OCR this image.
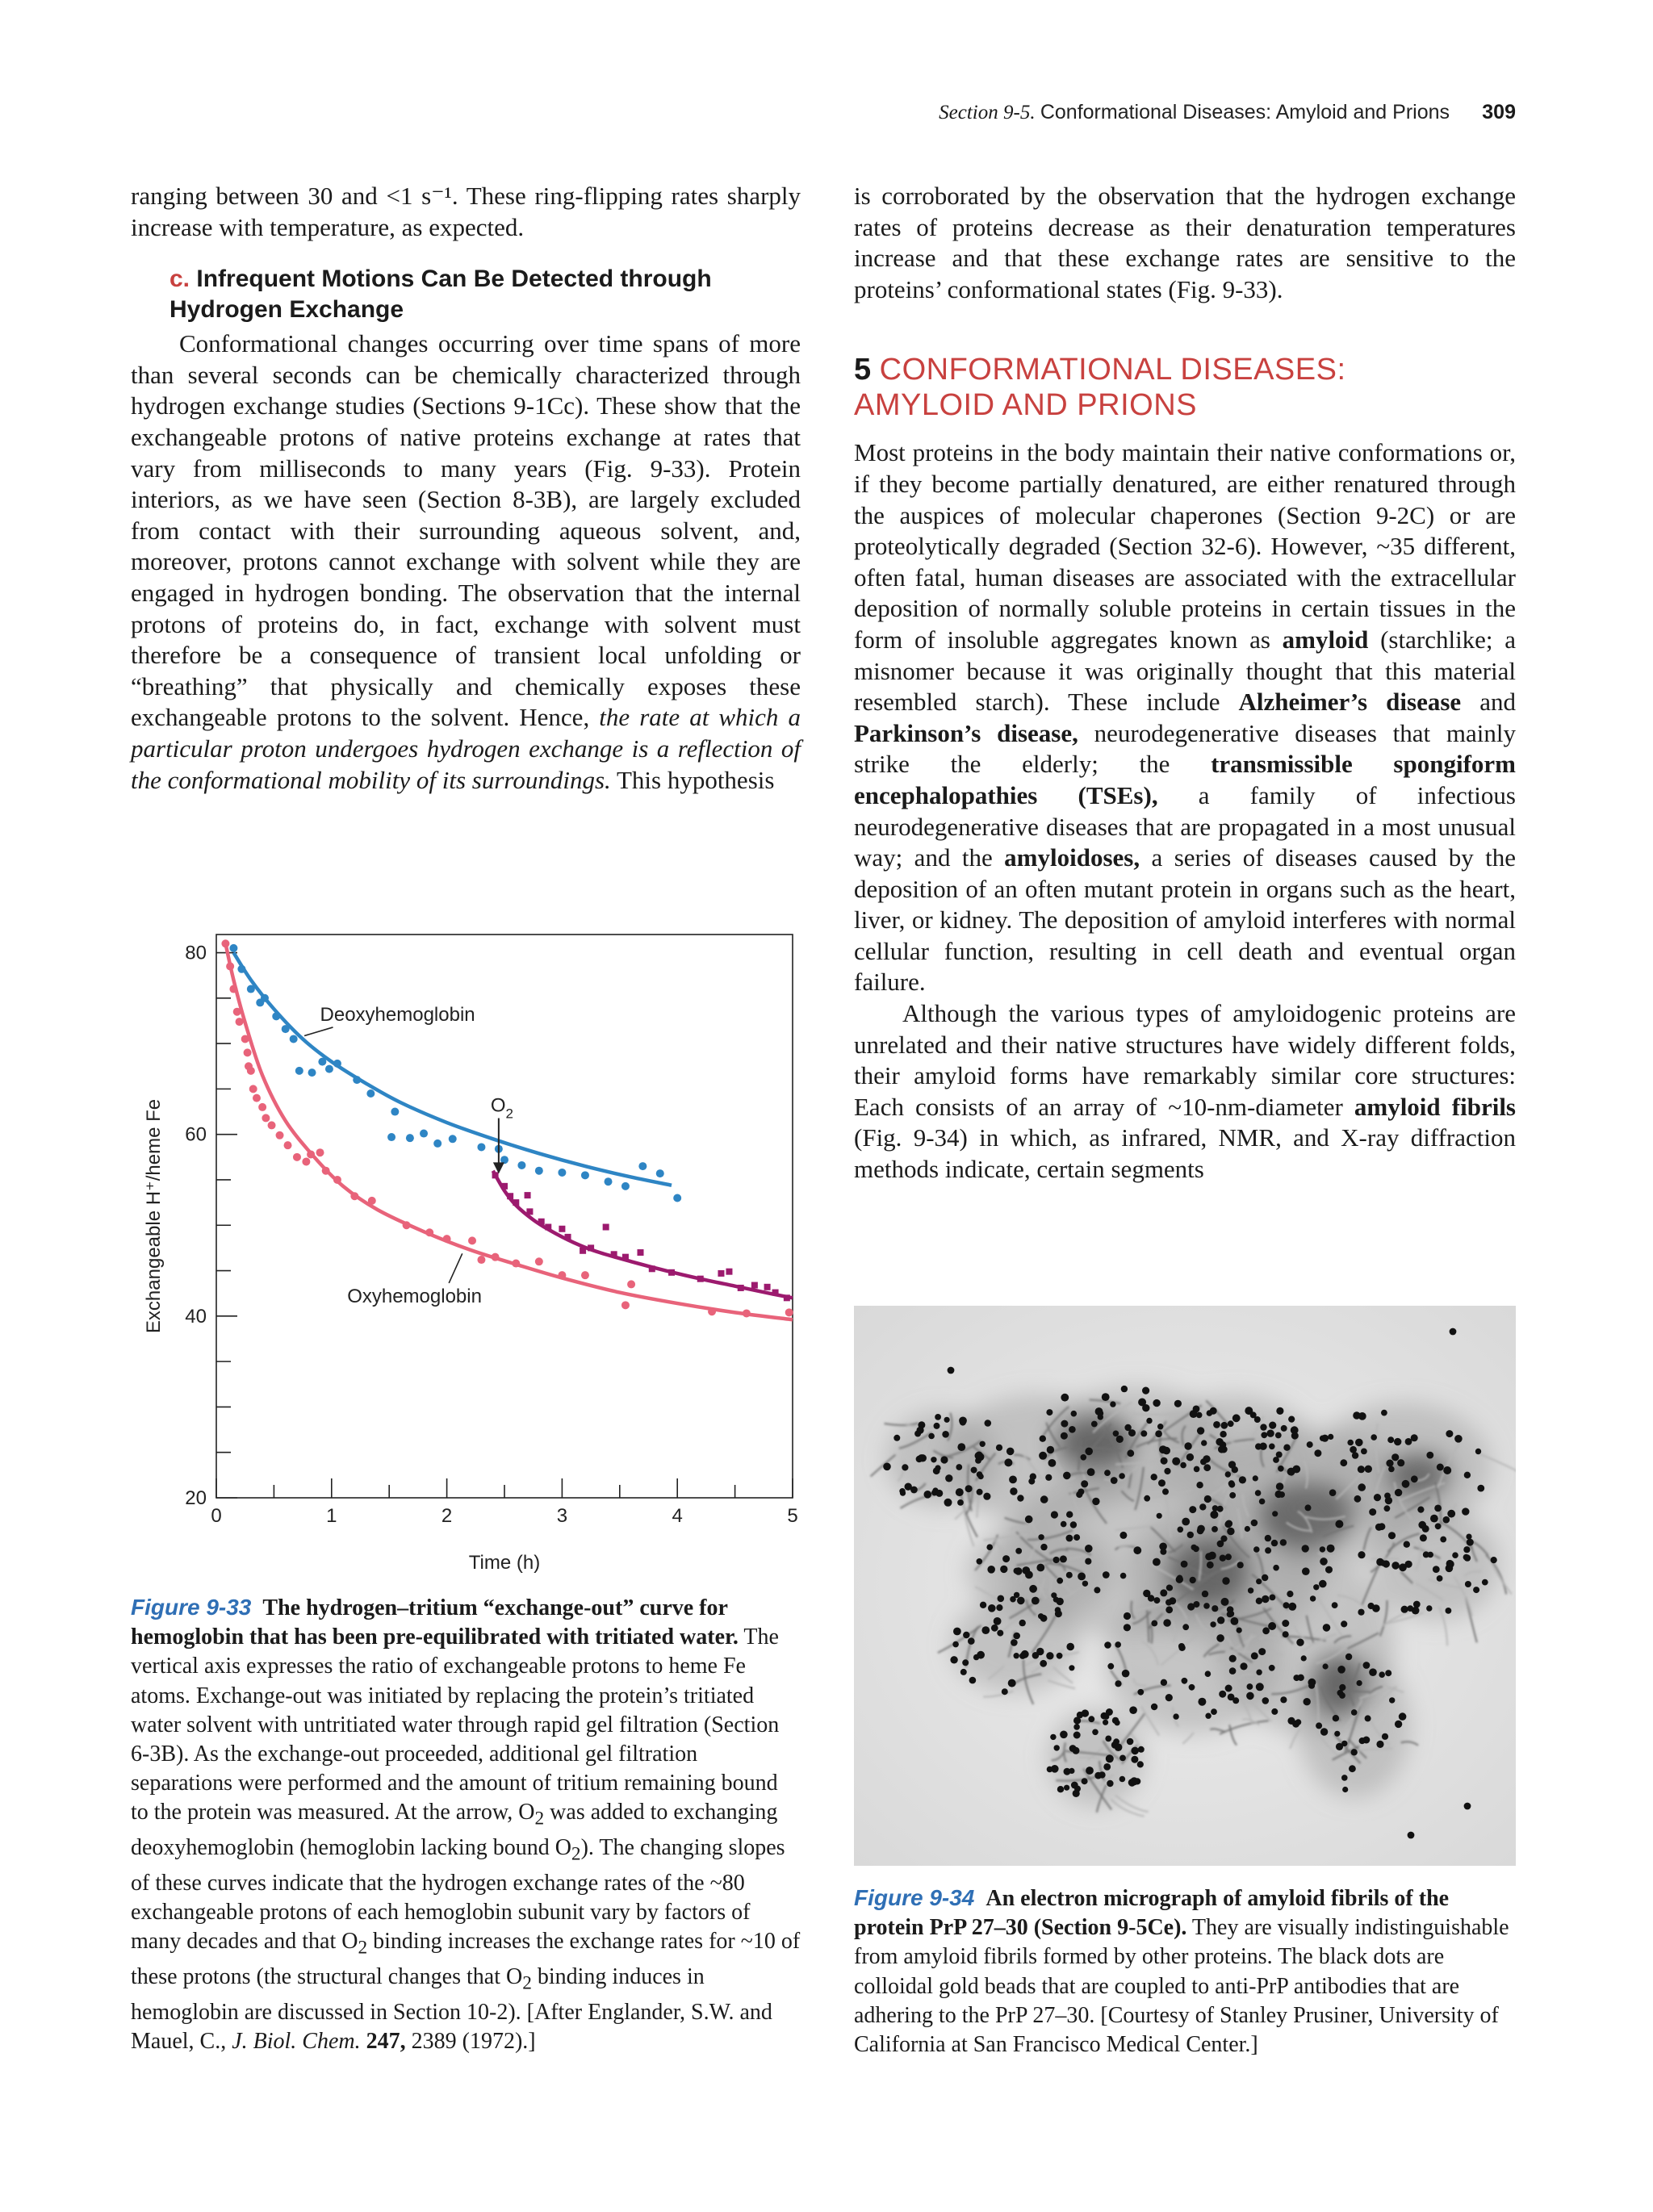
Section 9-5. Conformational Diseases: Amyloid and Prions 309

ranging between 30 and <1 s⁻¹. These ring-flipping rates sharply increase with temperature, as expected.

c. Infrequent Motions Can Be Detected through Hydrogen Exchange

Conformational changes occurring over time spans of more than several seconds can be chemically characterized through hydrogen exchange studies (Sections 9-1Cc). These show that the exchangeable protons of native proteins exchange at rates that vary from milliseconds to many years (Fig. 9-33). Protein interiors, as we have seen (Section 8-3B), are largely excluded from contact with their surrounding aqueous solvent, and, moreover, protons cannot exchange with solvent while they are engaged in hydrogen bonding. The observation that the internal protons of proteins do, in fact, exchange with solvent must therefore be a consequence of transient local unfolding or “breathing” that physically and chemically exposes these exchangeable protons to the solvent. Hence, the rate at which a particular proton undergoes hydrogen exchange is a reflection of the conformational mobility of its surroundings. This hypothesis

0	1	2	3	4	5
20
40
60
80
Time (h)
Exchangeable H⁺/heme Fe
Deoxyhemoglobin
$O_2$
Oxyhemoglobin

Figure 9-33 The hydrogen–tritium “exchange-out” curve for hemoglobin that has been pre-equilibrated with tritiated water. The vertical axis expresses the ratio of exchangeable protons to heme Fe atoms. Exchange-out was initiated by replacing the protein’s tritiated water solvent with untritiated water through rapid gel filtration (Section 6-3B). As the exchange-out proceeded, additional gel filtration separations were performed and the amount of tritium remaining bound to the protein was measured. At the arrow, $O_2$ was added to exchanging deoxyhemoglobin (hemoglobin lacking bound $O_2$). The changing slopes of these curves indicate that the hydrogen exchange rates of the ~80 exchangeable protons of each hemoglobin subunit vary by factors of many decades and that $O_2$ binding increases the exchange rates for ~10 of these protons (the structural changes that $O_2$ binding induces in hemoglobin are discussed in Section 10-2). [After Englander, S.W. and Mauel, C., J. Biol. Chem. 247, 2389 (1972).]

is corroborated by the observation that the hydrogen exchange rates of proteins decrease as their denaturation temperatures increase and that these exchange rates are sensitive to the proteins’ conformational states (Fig. 9-33).

5 CONFORMATIONAL DISEASES:
AMYLOID AND PRIONS

Most proteins in the body maintain their native conformations or, if they become partially denatured, are either renatured through the auspices of molecular chaperones (Section 9-2C) or are proteolytically degraded (Section 32-6). However, ~35 different, often fatal, human diseases are associated with the extracellular deposition of normally soluble proteins in certain tissues in the form of insoluble aggregates known as amyloid (starchlike; a misnomer because it was originally thought that this material resembled starch). These include Alzheimer’s disease and Parkinson’s disease, neurodegenerative diseases that mainly strike the elderly; the transmissible spongiform encephalopathies (TSEs), a family of infectious neurodegenerative diseases that are propagated in a most unusual way; and the amyloidoses, a series of diseases caused by the deposition of an often mutant protein in organs such as the heart, liver, or kidney. The deposition of amyloid interferes with normal cellular function, resulting in cell death and eventual organ failure.

Although the various types of amyloidogenic proteins are unrelated and their native structures have widely different folds, their amyloid forms have remarkably similar core structures: Each consists of an array of ~10-nm-diameter amyloid fibrils (Fig. 9-34) in which, as infrared, NMR, and X-ray diffraction methods indicate, certain segments

Figure 9-34 An electron micrograph of amyloid fibrils of the protein PrP 27–30 (Section 9-5Ce). They are visually indistinguishable from amyloid fibrils formed by other proteins. The black dots are colloidal gold beads that are coupled to anti-PrP antibodies that are adhering to the PrP 27–30. [Courtesy of Stanley Prusiner, University of California at San Francisco Medical Center.]
